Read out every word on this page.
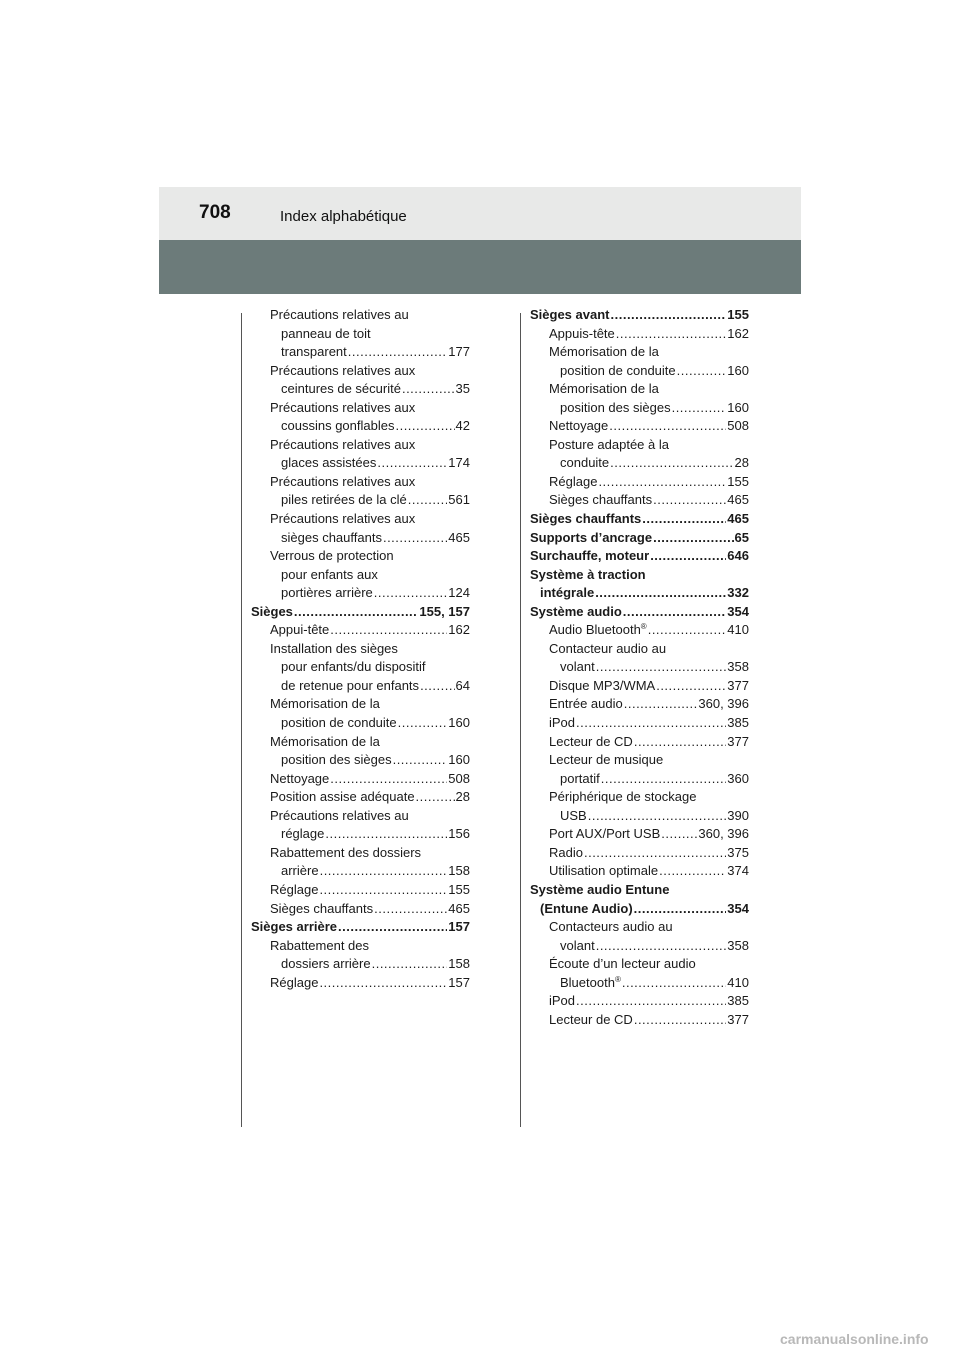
708	Index alphabétique
Précautions relatives au
panneau de toit
transparent .....	177
Précautions relatives aux
ceintures de sécurité .....	35
Précautions relatives aux
coussins gonflables .....	42
Précautions relatives aux
glaces assistées .....	174
Précautions relatives aux
piles retirées de la clé .....	561
Précautions relatives aux
sièges chauffants .....	465
Verrous de protection
pour enfants aux
portières arrière .....	124
Sièges .....	155, 157
Appui-tête .....	162
Installation des sièges
pour enfants/du dispositif
de retenue pour enfants .....	64
Mémorisation de la
position de conduite .....	160
Mémorisation de la
position des sièges .....	160
Nettoyage .....	508
Position assise adéquate .....	28
Précautions relatives au
réglage .....	156
Rabattement des dossiers
arrière .....	158
Réglage .....	155
Sièges chauffants .....	465
Sièges arrière .....	157
Rabattement des
dossiers arrière .....	158
Réglage .....	157
Sièges avant .....	155
Appuis-tête .....	162
Mémorisation de la
position de conduite .....	160
Mémorisation de la
position des sièges .....	160
Nettoyage .....	508
Posture adaptée à la
conduite .....	28
Réglage .....	155
Sièges chauffants .....	465
Sièges chauffants .....	465
Supports d’ancrage .....	65
Surchauffe, moteur .....	646
Système à traction
intégrale .....	332
Système audio .....	354
Audio Bluetooth® .....	410
Contacteur audio au
volant .....	358
Disque MP3/WMA .....	377
Entrée audio .....	360, 396
iPod .....	385
Lecteur de CD .....	377
Lecteur de musique
portatif .....	360
Périphérique de stockage
USB .....	390
Port AUX/Port USB .....	360, 396
Radio .....	375
Utilisation optimale .....	374
Système audio Entune
(Entune Audio) .....	354
Contacteurs audio au
volant .....	358
Écoute d’un lecteur audio
Bluetooth® .....	410
iPod .....	385
Lecteur de CD .....	377
carmanualsonline.info
